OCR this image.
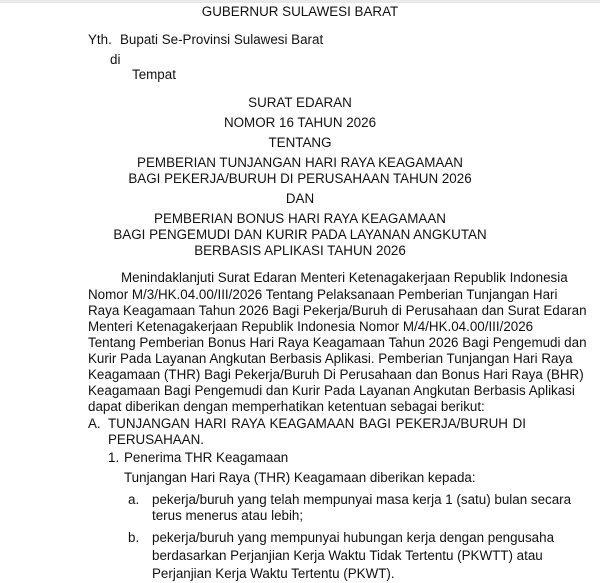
GUBERNUR SULAWESI BARAT
Yth. Bupati Se-Provinsi Sulawesi Barat
di
Tempat
SURAT EDARAN
NOMOR 16 TAHUN 2026
TENTANG
PEMBERIAN TUNJANGAN HARI RAYA KEAGAMAAN
BAGI PEKERJA/BURUH DI PERUSAHAAN TAHUN 2026
DAN
PEMBERIAN BONUS HARI RAYA KEAGAMAAN
BAGI PENGEMUDI DAN KURIR PADA LAYANAN ANGKUTAN
BERBASIS APLIKASI TAHUN 2026
Menindaklanjuti Surat Edaran Menteri Ketenagakerjaan Republik Indonesia
Nomor M/3/HK.04.00/III/2026 Tentang Pelaksanaan Pemberian Tunjangan Hari
Raya Keagamaan Tahun 2026 Bagi Pekerja/Buruh di Perusahaan dan Surat Edaran
Menteri Ketenagakerjaan Republik Indonesia Nomor M/4/HK.04.00/III/2026
Tentang Pemberian Bonus Hari Raya Keagamaan Tahun 2026 Bagi Pengemudi dan
Kurir Pada Layanan Angkutan Berbasis Aplikasi. Pemberian Tunjangan Hari Raya
Keagamaan (THR) Bagi Pekerja/Buruh Di Perusahaan dan Bonus Hari Raya (BHR)
Keagamaan Bagi Pengemudi dan Kurir Pada Layanan Angkutan Berbasis Aplikasi
dapat diberikan dengan memperhatikan ketentuan sebagai berikut:
A. TUNJANGAN HARI RAYA KEAGAMAAN BAGI PEKERJA/BURUH DI
PERUSAHAAN.
1. Penerima THR Keagamaan
Tunjangan Hari Raya (THR) Keagamaan diberikan kepada:
a. pekerja/buruh yang telah mempunyai masa kerja 1 (satu) bulan secara
terus menerus atau lebih;
b. pekerja/buruh yang mempunyai hubungan kerja dengan pengusaha
berdasarkan Perjanjian Kerja Waktu Tidak Tertentu (PKWTT) atau
Perjanjian Kerja Waktu Tertentu (PKWT).
